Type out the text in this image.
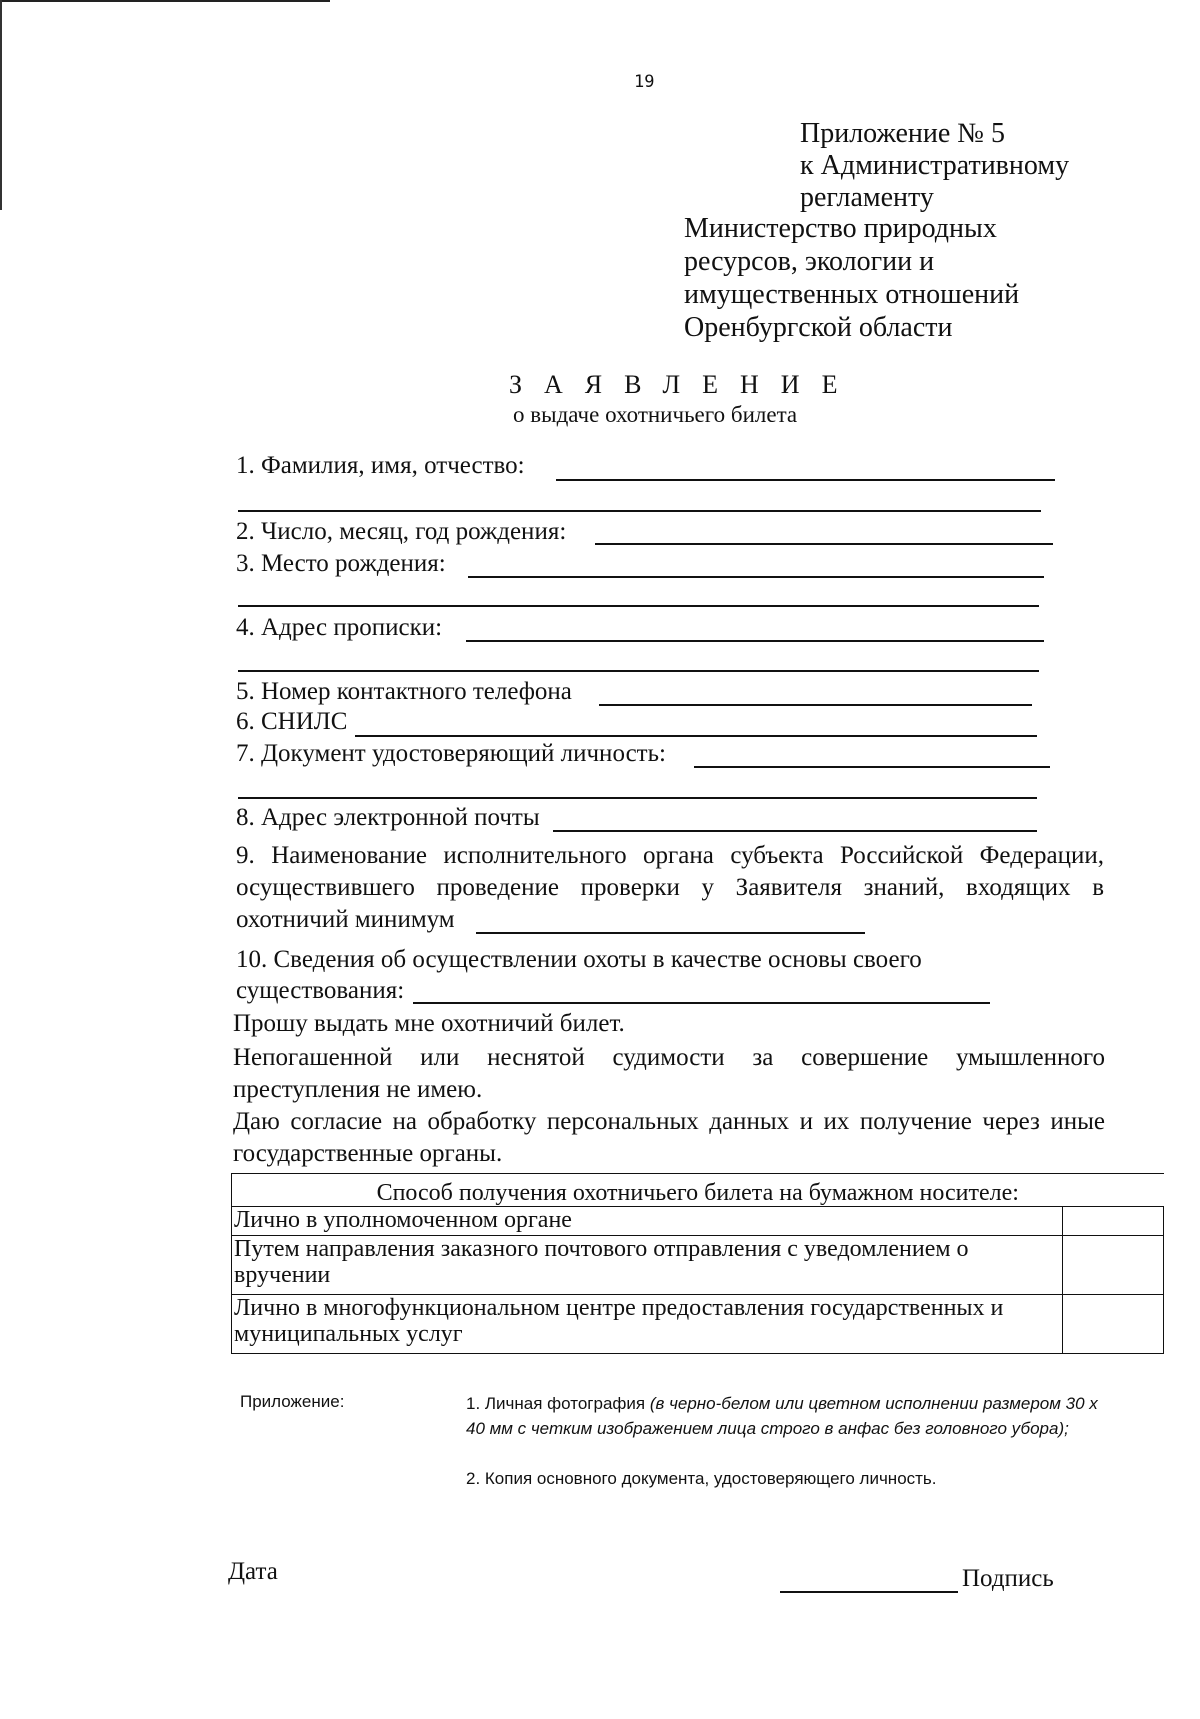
19
Приложение № 5
к Административному
регламенту
Министерство природных
ресурсов, экологии и
имущественных отношений
Оренбургской области
ЗАЯВЛЕНИЕ
о выдаче охотничьего билета
1. Фамилия, имя, отчество:
2. Число, месяц, год рождения:
3. Место рождения:
4. Адрес прописки:
5. Номер контактного телефона
6. СНИЛС
7. Документ удостоверяющий личность:
8. Адрес электронной почты
9. Наименование исполнительного органа субъекта Российской Федерации, осуществившего проведение проверки у Заявителя знаний, входящих в охотничий минимум
10. Сведения об осуществлении охоты в качестве основы своего
существования:
Прошу выдать мне охотничий билет.
Непогашенной или неснятой судимости за совершение умышленного преступления не имею.
Даю согласие на обработку персональных данных и их получение через иные государственные органы.
Способ получения охотничьего билета на бумажном носителе:	
Лично в уполномоченном органе	
Путем направления заказного почтового отправления с уведомлением о вручении	
Лично в многофункциональном центре предоставления государственных и муниципальных услуг	
Приложение:	1. Личная фотография (в черно-белом или цветном исполнении размером 30 х 40 мм с четким изображением лица строго в анфас без головного убора);
2. Копия основного документа, удостоверяющего личность.
Дата	Подпись
